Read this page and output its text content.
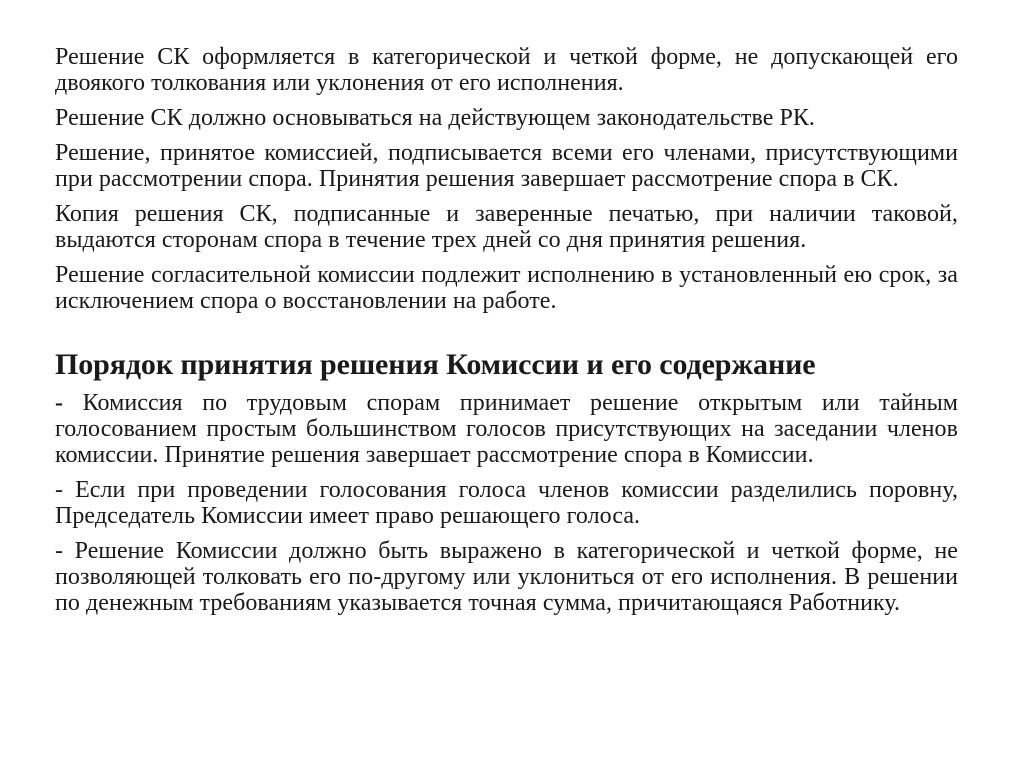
Решение СК оформляется в категорической и четкой форме, не допускающей его двоякого толкования или уклонения от его исполнения.

Решение СК должно основываться на действующем законодательстве РК.

Решение, принятое комиссией, подписывается всеми его членами, присутствующими при рассмотрении спора. Принятия решения завершает рассмотрение спора в СК.

Копия решения СК, подписанные и заверенные печатью, при наличии таковой, выдаются сторонам спора в течение трех дней со дня принятия решения.

Решение согласительной комиссии подлежит исполнению в установленный ею срок, за исключением спора о восстановлении на работе.

Порядок принятия решения Комиссии и его содержание

- Комиссия по трудовым спорам принимает решение открытым или тайным голосованием простым большинством голосов присутствующих на заседании членов комиссии. Принятие решения завершает рассмотрение спора в Комиссии.

- Если при проведении голосования голоса членов комиссии разделились поровну, Председатель Комиссии имеет право решающего голоса.

- Решение Комиссии должно быть выражено в категорической и четкой форме, не позволяющей толковать его по-другому или уклониться от его исполнения. В решении по денежным требованиям указывается точная сумма, причитающаяся Работнику.
